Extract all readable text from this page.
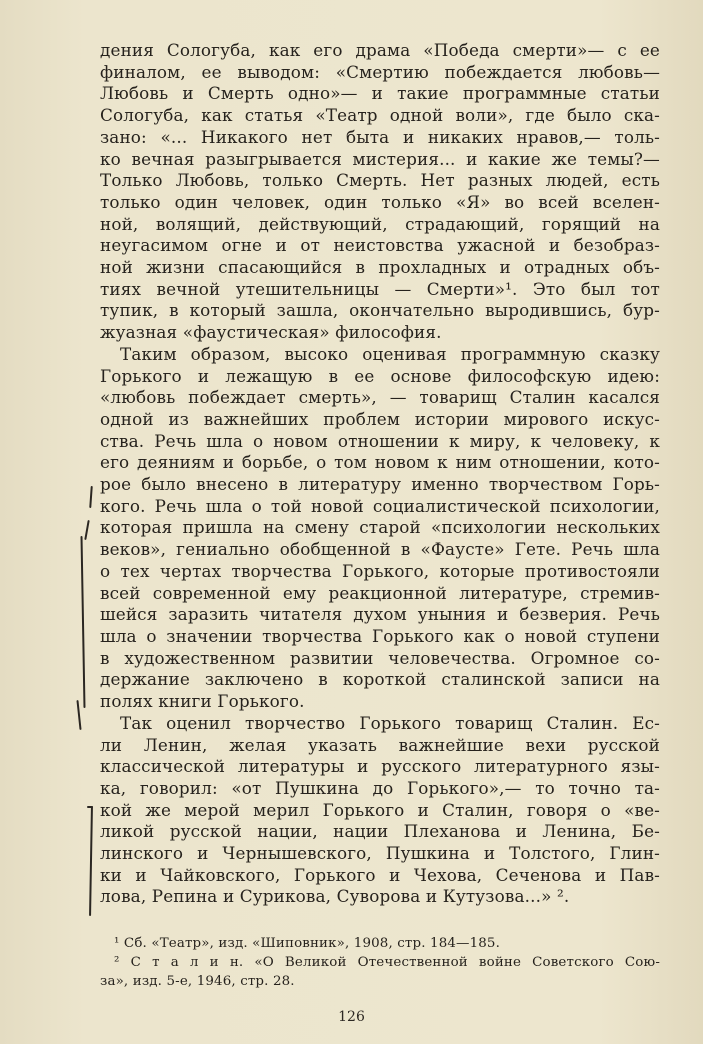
дения Сологуба, как его драма «Победа смерти»— с ее
финалом, ее выводом: «Смертию побеждается любовь—
Любовь и Смерть одно»— и такие программные статьи
Сологуба, как статья «Театр одной воли», где было ска-
зано: «... Никакого нет быта и никаких нравов,— толь-
ко вечная разыгрывается мистерия... и какие же темы?—
Только Любовь, только Смерть. Нет разных людей, есть
только один человек, один только «Я» во всей вселен-
ной, волящий, действующий, страдающий, горящий на
неугасимом огне и от неистовства ужасной и безобраз-
ной жизни спасающийся в прохладных и отрадных объ-
тиях вечной утешительницы — Смерти»¹. Это был тот
тупик, в который зашла, окончательно выродившись, бур-
жуазная «фаустическая» философия.
Таким образом, высоко оценивая программную сказку
Горького и лежащую в ее основе философскую идею:
«любовь побеждает смерть», — товарищ Сталин касался
одной из важнейших проблем истории мирового искус-
ства. Речь шла о новом отношении к миру, к человеку, к
его деяниям и борьбе, о том новом к ним отношении, кото-
рое было внесено в литературу именно творчеством Горь-
кого. Речь шла о той новой социалистической психологии,
которая пришла на смену старой «психологии нескольких
веков», гениально обобщенной в «Фаусте» Гете. Речь шла
о тех чертах творчества Горького, которые противостояли
всей современной ему реакционной литературе, стремив-
шейся заразить читателя духом уныния и безверия. Речь
шла о значении творчества Горького как о новой ступени
в художественном развитии человечества. Огромное со-
держание заключено в короткой сталинской записи на
полях книги Горького.
Так оценил творчество Горького товарищ Сталин. Ес-
ли Ленин, желая указать важнейшие вехи русской
классической литературы и русского литературного язы-
ка, говорил: «от Пушкина до Горького»,— то точно та-
кой же мерой мерил Горького и Сталин, говоря о «ве-
ликой русской нации, нации Плеханова и Ленина, Бе-
линского и Чернышевского, Пушкина и Толстого, Глин-
ки и Чайковского, Горького и Чехова, Сеченова и Пав-
лова, Репина и Сурикова, Суворова и Кутузова...» ².
¹ Сб. «Театр», изд. «Шиповник», 1908, стр. 184—185.
² С т а л и н. «О Великой Отечественной войне Советского Сою-
за», изд. 5-е, 1946, стр. 28.
126
